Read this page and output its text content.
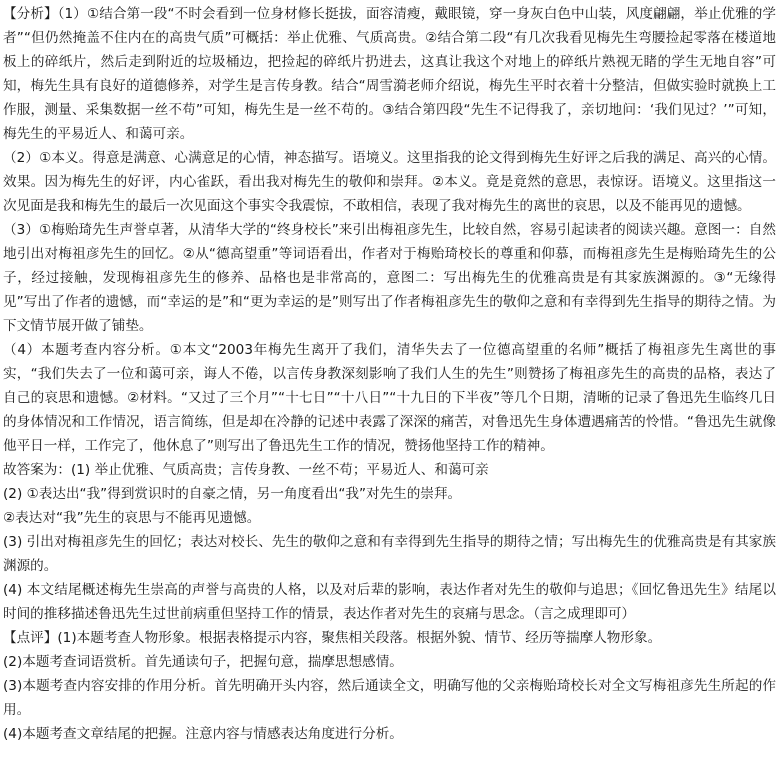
【分析】（1）①结合第一段“不时会看到一位身材修长挺拔，面容清瘦，戴眼镜，穿一身灰白色中山装，风度翩翩，举止优雅的学者”“但仍然掩盖不住内在的高贵气质”可概括：举止优雅、气质高贵。②结合第二段“有几次我看见梅先生弯腰捡起零落在楼道地板上的碎纸片，然后走到附近的垃圾桶边，把捡起的碎纸片扔进去，这真让我这个对地上的碎纸片熟视无睹的学生无地自容”可知，梅先生具有良好的道德修养，对学生是言传身教。结合“周雪漪老师介绍说，梅先生平时衣着十分整洁，但做实验时就换上工作服，测量、采集数据一丝不苟”可知，梅先生是一丝不苟的。③结合第四段“先生不记得我了，亲切地问：‘我们见过？’”可知，梅先生的平易近人、和蔼可亲。

（2）①本义。得意是满意、心满意足的心情，神态描写。语境义。这里指我的论文得到梅先生好评之后我的满足、高兴的心情。效果。因为梅先生的好评，内心雀跃，看出我对梅先生的敬仰和崇拜。②本义。竟是竟然的意思，表惊讶。语境义。这里指这一次见面是我和梅先生的最后一次见面这个事实令我震惊，不敢相信，表现了我对梅先生的离世的哀思，以及不能再见的遗憾。

（3）①梅贻琦先生声誉卓著，从清华大学的“终身校长”来引出梅祖彦先生，比较自然，容易引起读者的阅读兴趣。意图一：自然地引出对梅祖彦先生的回忆。②从“德高望重”等词语看出，作者对于梅贻琦校长的尊重和仰慕，而梅祖彦先生是梅贻琦先生的公子，经过接触，发现梅祖彦先生的修养、品格也是非常高的，意图二：写出梅先生的优雅高贵是有其家族渊源的。③“无缘得见”写出了作者的遗憾，而“幸运的是”和“更为幸运的是”则写出了作者梅祖彦先生的敬仰之意和有幸得到先生指导的期待之情。为下文情节展开做了铺垫。

（4）本题考查内容分析。①本文“2003年梅先生离开了我们，清华失去了一位德高望重的名师”概括了梅祖彦先生离世的事实，“我们失去了一位和蔼可亲，诲人不倦，以言传身教深刻影响了我们人生的先生”则赞扬了梅祖彦先生的高贵的品格，表达了自己的哀思和遗憾。②材料。“又过了三个月”“十七日”“十八日”“十九日的下半夜”等几个日期，清晰的记录了鲁迅先生临终几日的身体情况和工作情况，语言简练，但是却在冷静的记述中表露了深深的痛苦，对鲁迅先生身体遭遇痛苦的怜惜。“鲁迅先生就像他平日一样，工作完了，他休息了”则写出了鲁迅先生工作的情况，赞扬他坚持工作的精神。

故答案为：(1) 举止优雅、气质高贵；言传身教、一丝不苟；平易近人、和蔼可亲

(2) ①表达出“我”得到赏识时的自豪之情，另一角度看出“我”对先生的崇拜。

②表达对“我”先生的哀思与不能再见遗憾。

(3) 引出对梅祖彦先生的回忆；表达对校长、先生的敬仰之意和有幸得到先生指导的期待之情；写出梅先生的优雅高贵是有其家族渊源的。

(4) 本文结尾概述梅先生崇高的声誉与高贵的人格，以及对后辈的影响，表达作者对先生的敬仰与追思；《回忆鲁迅先生》结尾以时间的推移描述鲁迅先生过世前病重但坚持工作的情景，表达作者对先生的哀痛与思念。（言之成理即可）

【点评】(1)本题考查人物形象。根据表格提示内容，聚焦相关段落。根据外貌、情节、经历等揣摩人物形象。

(2)本题考查词语赏析。首先通读句子，把握句意，揣摩思想感情。

(3)本题考查内容安排的作用分析。首先明确开头内容，然后通读全文，明确写他的父亲梅贻琦校长对全文写梅祖彦先生所起的作用。

(4)本题考查文章结尾的把握。注意内容与情感表达角度进行分析。
